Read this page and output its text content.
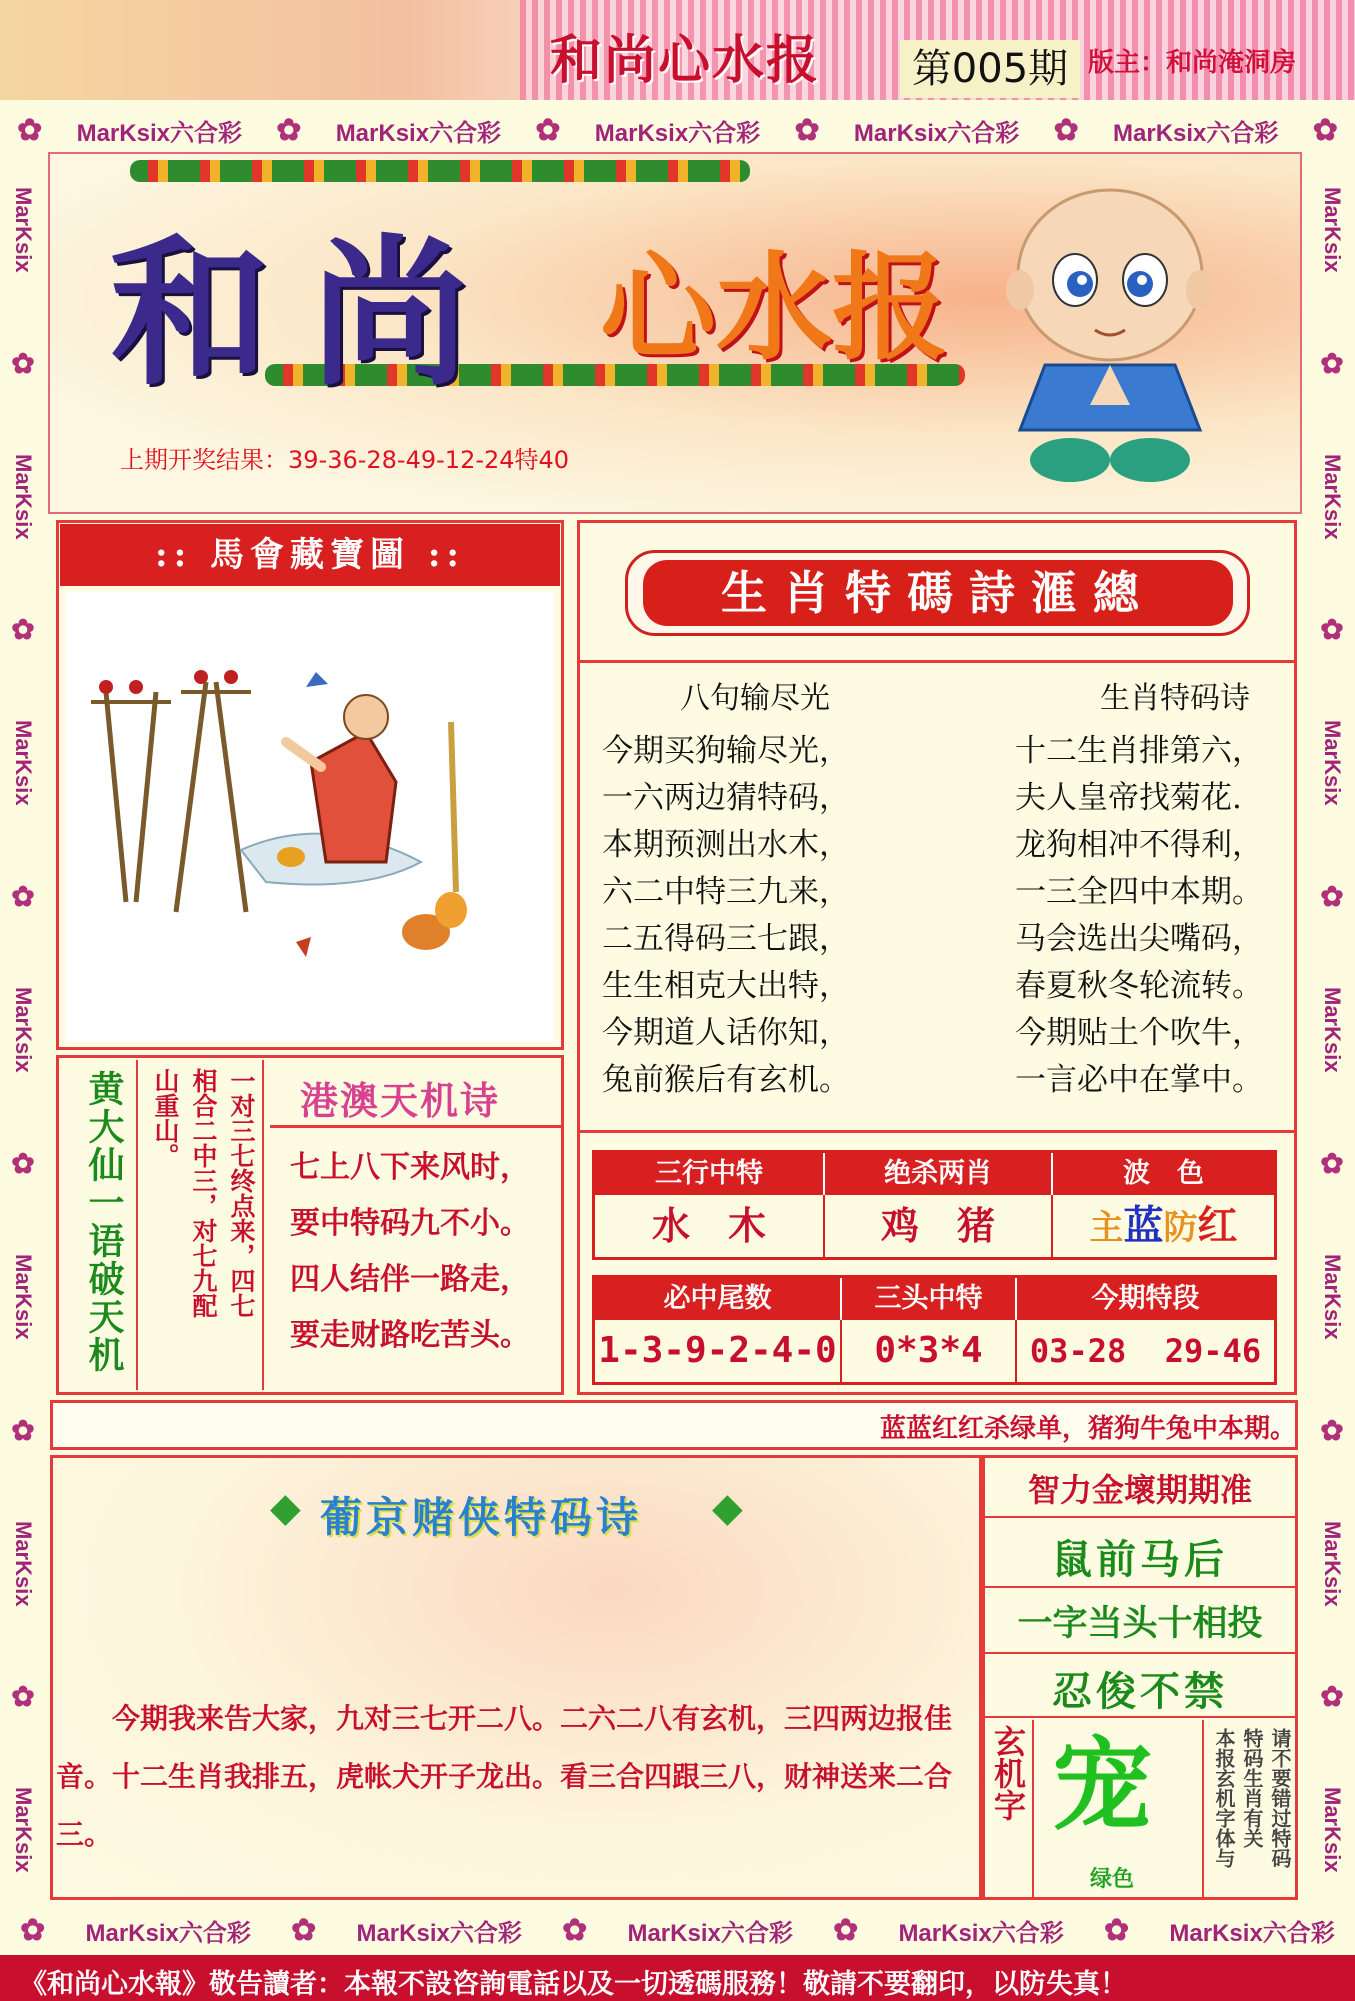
和尚心水报 第005期 版主：和尚淹洞房
✿ MarKsix六合彩 ✿ MarKsix六合彩 ✿ MarKsix六合彩 ✿ MarKsix六合彩 ✿ MarKsix六合彩 ✿
✿ MarKsix六合彩 ✿ MarKsix六合彩 ✿ MarKsix六合彩 ✿ MarKsix六合彩 ✿ MarKsix六合彩
MarKsix
✿
MarKsix
✿
MarKsix
✿
MarKsix
✿
MarKsix
✿
MarKsix
✿
MarKsix
MarKsix
✿
MarKsix
✿
MarKsix
✿
MarKsix
✿
MarKsix
✿
MarKsix
✿
MarKsix
和尚 心水报
上期开奖结果：39-36-28-49-12-24特40
:: 馬會藏寶圖 ::
黄大仙一语破天机	一对三七终点来，四七
相合二中三，对七九配
山重山。	港澳天机诗
七上八下来风时，
要中特码九不小。
四人结伴一路走，
要走财路吃苦头。
生肖特碼詩滙總
八句输尽光	生肖特码诗
今期买狗输尽光，
一六两边猜特码，
本期预测出水木，
六二中特三九来，
二五得码三七跟，
生生相克大出特，
今期道人话你知，
兔前猴后有玄机。
十二生肖排第六，
夫人皇帝找菊花.
龙狗相冲不得利，
一三全四中本期。
马会选出尖嘴码，
春夏秋冬轮流转。
今期贴土个吹牛，
一言必中在掌中。
三行中特	绝杀两肖	波　色
水　木	鸡　猪	主蓝防红
必中尾数	三头中特	今期特段
1-3-9-2-4-0	0*3*4	03-28  29-46
蓝蓝红红杀绿单，猪狗牛兔中本期。
◆ 葡京赌侠特码诗 ◆
　　今期我来告大家，九对三七开二八。二六二八有玄机，三四两边报佳音。十二生肖我排五，虎帐犬开子龙出。看三合四跟三八，财神送来二合三。
智力金壞期期准
鼠前马后
一字当头十相投
忍俊不禁
玄机字 宠
绿色
请不要错过特码
特码生肖有关
本报玄机字体与
《和尚心水報》敬告讀者：本報不設咨詢電話以及一切透碼服務！敬請不要翻印，以防失真！
